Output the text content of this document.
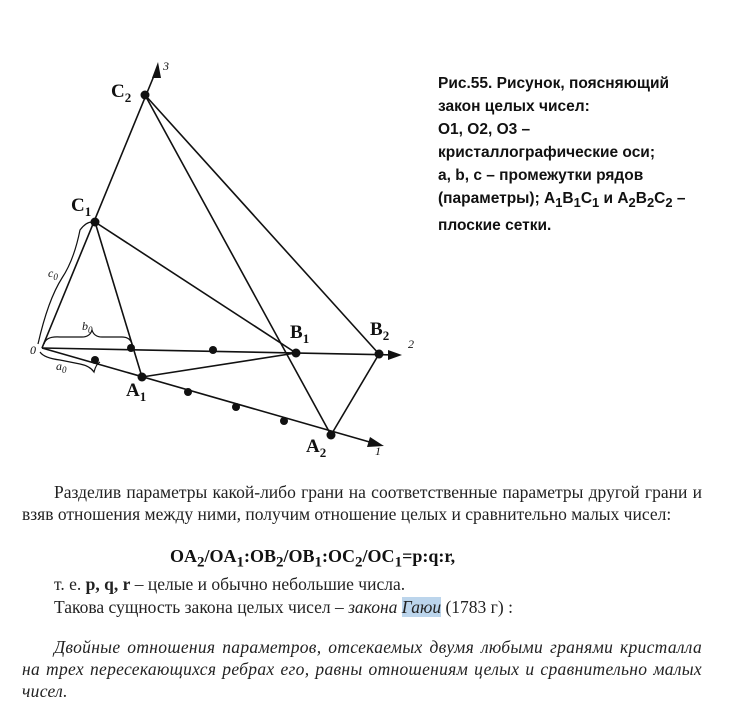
$C_2$
$C_1$
$B_1$	$B_2$
$A_1$
$A_2$
0
$c_0$
$b_0$
$a_0$
3
2
1
Рис.55. Рисунок, поясняющий
закон целых чисел:
O1, O2, O3 –
кристаллографические оси;
a, b, c – промежутки рядов
(параметры); $A_1B_1C_1$ и $A_2B_2C_2$ –
плоские сетки.
Разделив параметры какой-либо грани на соответственные параметры другой грани и взяв отношения между ними, получим отношение целых и сравнительно малых чисел:
$OA_2/OA_1:OB_2/OB_1:OC_2/OC_1=p:q:r$,
т. е. p, q, r – целые и обычно небольшие числа.
Такова сущность закона целых чисел – закона Гаюи (1783 г) :
Двойные отношения параметров, отсекаемых двумя любыми гранями кристалла на трех пересекающихся ребрах его, равны отношениям целых и сравнительно малых чисел.
